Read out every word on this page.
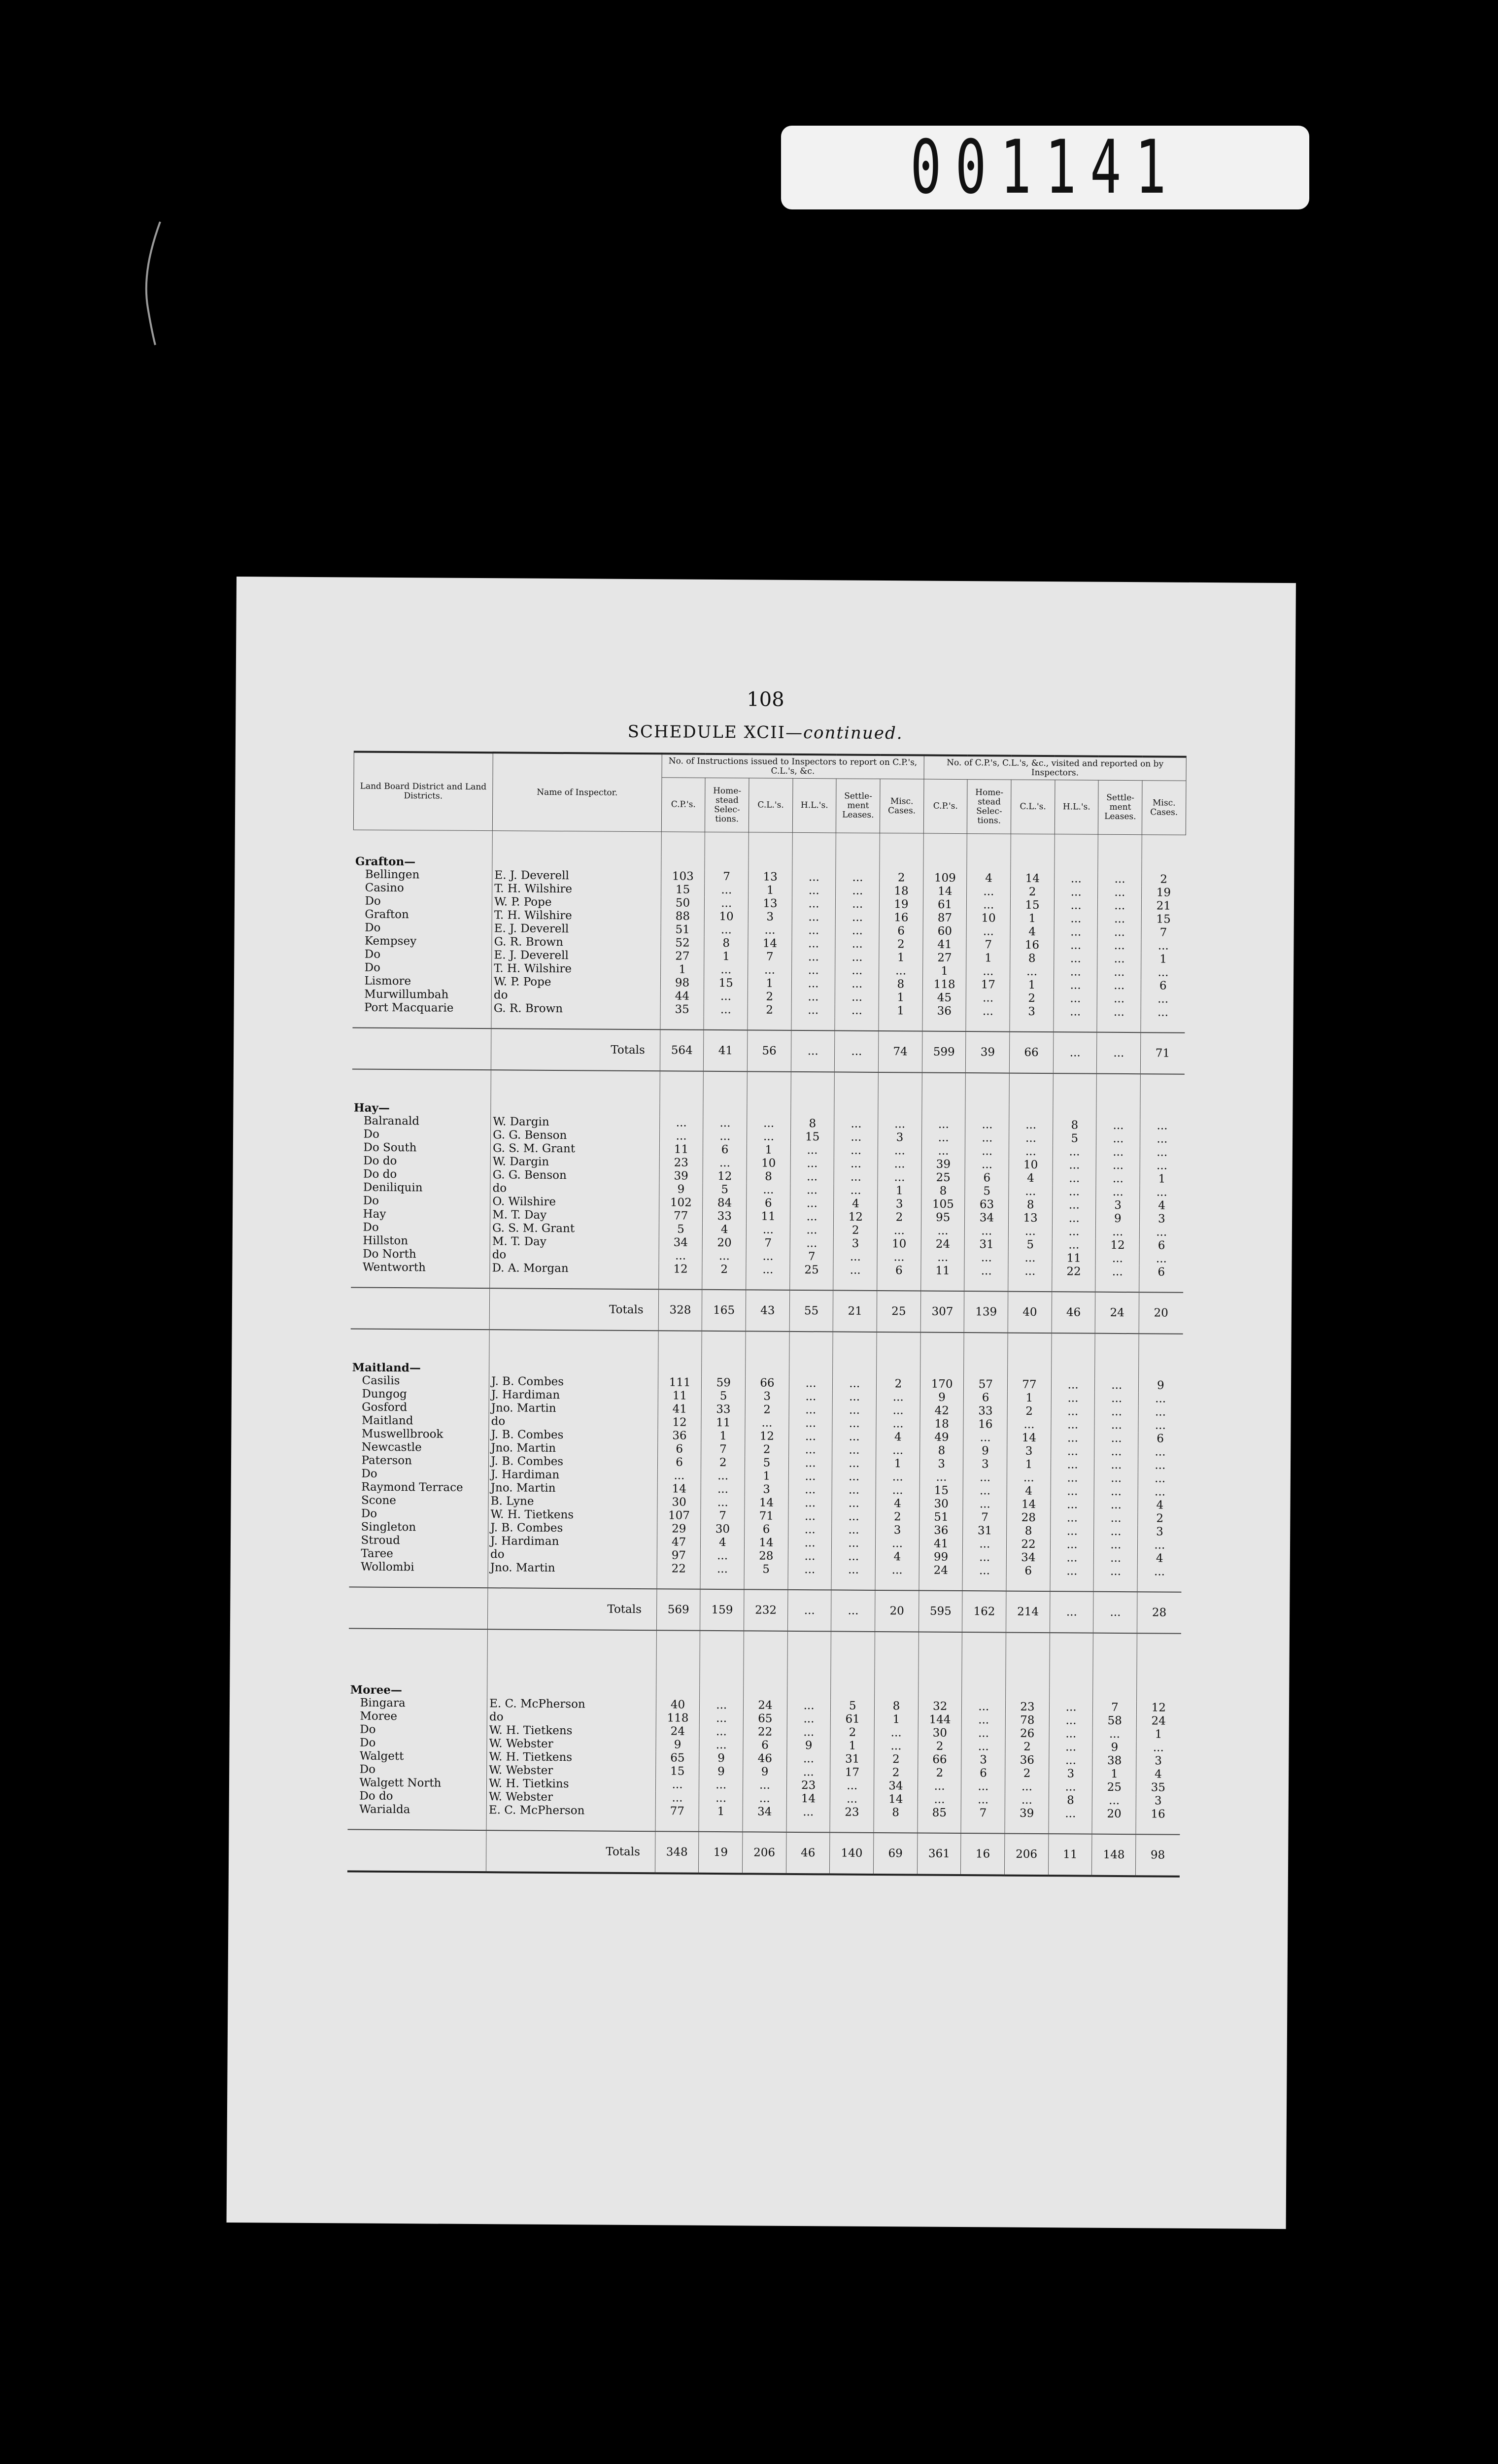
001141
108
SCHEDULE XCII—continued.
Land Board District and Land Districts.	Name of Inspector.	No. of Instructions issued to Inspectors to report on C.P.'s, C.L.'s, &c.						No. of C.P.'s, C.L.'s, &c., visited and reported on by Inspectors.					
		C.P.'s.	Home-stead Selec-tions.	C.L.'s.	H.L.'s.	Settle-ment Leases.	Misc. Cases.	C.P.'s.	Home-stead Selec-tions.	C.L.'s.	H.L.'s.	Settle-ment Leases.	Misc. Cases.

Grafton—													
Bellingen	E. J. Deverell	103	7	13	...	...	2	109	4	14	...	...	2
Casino	T. H. Wilshire	15	...	1	...	...	18	14	...	2	...	...	19
Do	W. P. Pope	50	...	13	...	...	19	61	...	15	...	...	21
Grafton	T. H. Wilshire	88	10	3	...	...	16	87	10	1	...	...	15
Do	E. J. Deverell	51	...	...	...	...	6	60	...	4	...	...	7
Kempsey	G. R. Brown	52	8	14	...	...	2	41	7	16	...	...	...
Do	E. J. Deverell	27	1	7	...	...	1	27	1	8	...	...	1
Do	T. H. Wilshire	1	...	...	...	...	...	1	...	...	...	...	...
Lismore	W. P. Pope	98	15	1	...	...	8	118	17	1	...	...	6
Murwillumbah	do	44	...	2	...	...	1	45	...	2	...	...	...
Port Macquarie	G. R. Brown	35	...	2	...	...	1	36	...	3	...	...	...

	Totals	564	41	56	...	...	74	599	39	66	...	...	71

Hay—													
Balranald	W. Dargin	...	...	...	8	...	...	...	...	...	8	...	...
Do	G. G. Benson	...	...	...	15	...	3	...	...	...	5	...	...
Do South	G. S. M. Grant	11	6	1	...	...	...	...	...	...	...	...	...
Do do	W. Dargin	23	...	10	...	...	...	39	...	10	...	...	...
Do do	G. G. Benson	39	12	8	...	...	...	25	6	4	...	...	1
Deniliquin	do	9	5	...	...	...	1	8	5	...	...	...	...
Do	O. Wilshire	102	84	6	...	4	3	105	63	8	...	3	4
Hay	M. T. Day	77	33	11	...	12	2	95	34	13	...	9	3
Do	G. S. M. Grant	5	4	...	...	2	...	...	...	...	...	...	...
Hillston	M. T. Day	34	20	7	...	3	10	24	31	5	...	12	6
Do North	do	...	...	...	7	...	...	...	...	...	11	...	...
Wentworth	D. A. Morgan	12	2	...	25	...	6	11	...	...	22	...	6

	Totals	328	165	43	55	21	25	307	139	40	46	24	20

Maitland—													
Casilis	J. B. Combes	111	59	66	...	...	2	170	57	77	...	...	9
Dungog	J. Hardiman	11	5	3	...	...	...	9	6	1	...	...	...
Gosford	Jno. Martin	41	33	2	...	...	...	42	33	2	...	...	...
Maitland	do	12	11	...	...	...	...	18	16	...	...	...	...
Muswellbrook	J. B. Combes	36	1	12	...	...	4	49	...	14	...	...	6
Newcastle	Jno. Martin	6	7	2	...	...	...	8	9	3	...	...	...
Paterson	J. B. Combes	6	2	5	...	...	1	3	3	1	...	...	...
Do	J. Hardiman	...	...	1	...	...	...	...	...	...	...	...	...
Raymond Terrace	Jno. Martin	14	...	3	...	...	...	15	...	4	...	...	...
Scone	B. Lyne	30	...	14	...	...	4	30	...	14	...	...	4
Do	W. H. Tietkens	107	7	71	...	...	2	51	7	28	...	...	2
Singleton	J. B. Combes	29	30	6	...	...	3	36	31	8	...	...	3
Stroud	J. Hardiman	47	4	14	...	...	...	41	...	22	...	...	...
Taree	do	97	...	28	...	...	4	99	...	34	...	...	4
Wollombi	Jno. Martin	22	...	5	...	...	...	24	...	6	...	...	...

	Totals	569	159	232	...	...	20	595	162	214	...	...	28

Moree—													
Bingara	E. C. McPherson	40	...	24	...	5	8	32	...	23	...	7	12
Moree	do	118	...	65	...	61	1	144	...	78	...	58	24
Do	W. H. Tietkens	24	...	22	...	2	...	30	...	26	...	...	1
Do	W. Webster	9	...	6	9	1	...	2	...	2	...	9	...
Walgett	W. H. Tietkens	65	9	46	...	31	2	66	3	36	...	38	3
Do	W. Webster	15	9	9	...	17	2	2	6	2	3	1	4
Walgett North	W. H. Tietkins	...	...	...	23	...	34	...	...	...	...	25	35
Do do	W. Webster	...	...	...	14	...	14	...	...	...	8	...	3
Warialda	E. C. McPherson	77	1	34	...	23	8	85	7	39	...	20	16

	Totals	348	19	206	46	140	69	361	16	206	11	148	98
